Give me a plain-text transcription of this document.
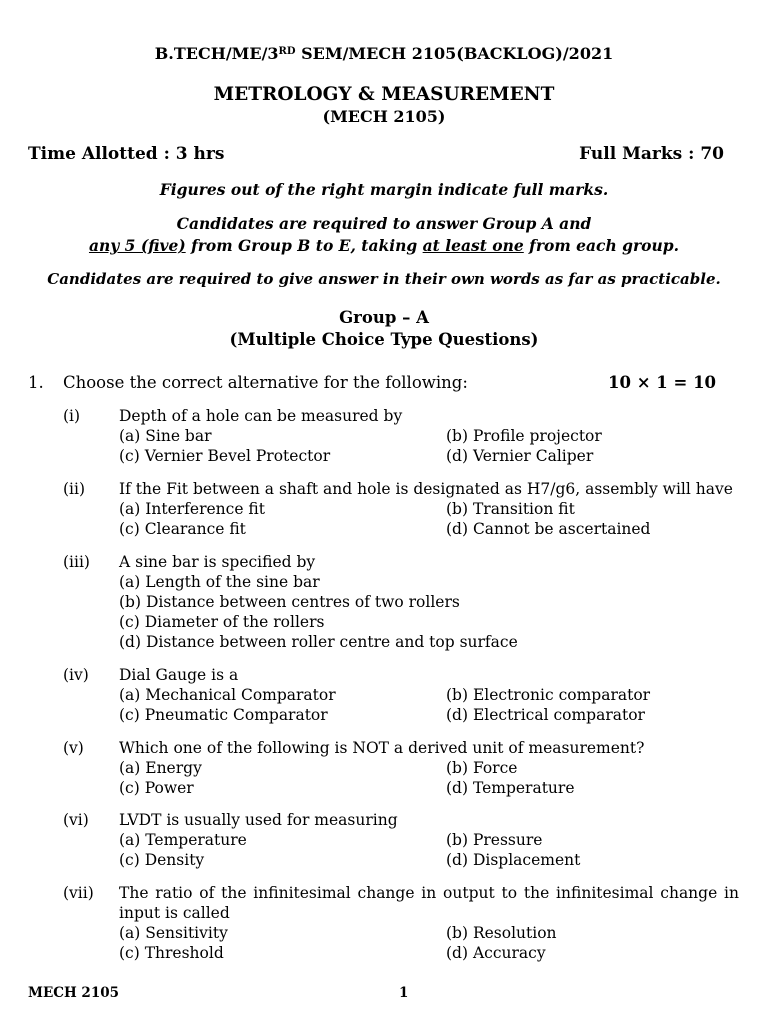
B.TECH/ME/3RD SEM/MECH 2105(BACKLOG)/2021
METROLOGY & MEASUREMENT
(MECH 2105)
Time Allotted : 3 hrs	Full Marks : 70
Figures out of the right margin indicate full marks.
Candidates are required to answer Group A and
any 5 (five) from Group B to E, taking at least one from each group.
Candidates are required to give answer in their own words as far as practicable.
Group – A
(Multiple Choice Type Questions)
1. Choose the correct alternative for the following:	10 × 1 = 10
(i)	Depth of a hole can be measured by
(a) Sine bar	(b) Profile projector
(c) Vernier Bevel Protector	(d) Vernier Caliper
(ii) If the Fit between a shaft and hole is designated as H7/g6, assembly will have
(a) Interference fit	(b) Transition fit
(c) Clearance fit	(d) Cannot be ascertained
(iii) A sine bar is specified by
(a) Length of the sine bar
(b) Distance between centres of two rollers
(c) Diameter of the rollers
(d) Distance between roller centre and top surface
(iv) Dial Gauge is a
(a) Mechanical Comparator	(b) Electronic comparator
(c) Pneumatic Comparator	(d) Electrical comparator
(v) Which one of the following is NOT a derived unit of measurement?
(a) Energy	(b) Force
(c) Power	(d) Temperature
(vi) LVDT is usually used for measuring
(a) Temperature	(b) Pressure
(c) Density	(d) Displacement
(vii) The ratio of the infinitesimal change in output to the infinitesimal change in
input is called
(a) Sensitivity	(b) Resolution
(c) Threshold	(d) Accuracy
MECH 2105	1
